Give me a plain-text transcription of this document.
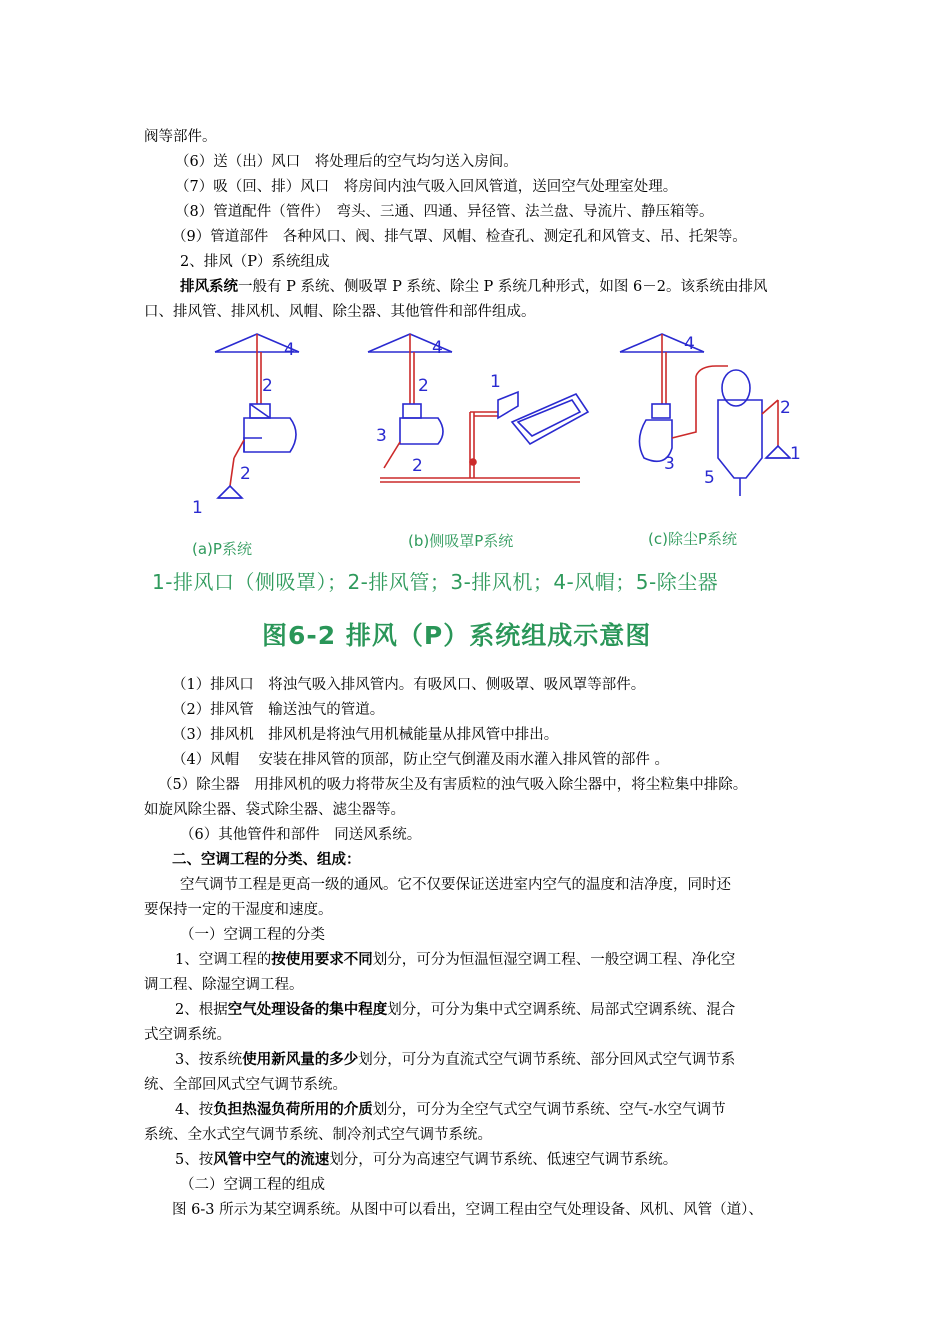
阀等部件。
（6）送（出）风口　将处理后的空气均匀送入房间。
（7）吸（回、排）风口　将房间内浊气吸入回风管道，送回空气处理室处理。
（8）管道配件（管件）　弯头、三通、四通、异径管、法兰盘、导流片、静压箱等。
（9）管道部件　各种风口、阀、排气罩、风帽、检查孔、测定孔和风管支、吊、托架等。
2、排风（P）系统组成
排风系统一般有 P 系统、侧吸罩 P 系统、除尘 P 系统几种形式，如图 6－2。该系统由排风
口、排风管、排风机、风帽、除尘器、其他管件和部件组成。
4
2
2
1
4
2
3
2
1
4
3
5
2
1
(a)P系统	(b)侧吸罩P系统	(c)除尘P系统
1-排风口（侧吸罩）；2-排风管；3-排风机；4-风帽；5-除尘器
图6-2 排风（P）系统组成示意图
（1）排风口　将浊气吸入排风管内。有吸风口、侧吸罩、吸风罩等部件。
（2）排风管　输送浊气的管道。
（3）排风机　排风机是将浊气用机械能量从排风管中排出。
（4）风帽　 安装在排风管的顶部，防止空气倒灌及雨水灌入排风管的部件 。
（5）除尘器　用排风机的吸力将带灰尘及有害质粒的浊气吸入除尘器中，将尘粒集中排除。
如旋风除尘器、袋式除尘器、滤尘器等。
（6）其他管件和部件　同送风系统。
二、空调工程的分类、组成：
空气调节工程是更高一级的通风。它不仅要保证送进室内空气的温度和洁净度，同时还
要保持一定的干湿度和速度。
（一）空调工程的分类
1、空调工程的按使用要求不同划分，可分为恒温恒湿空调工程、一般空调工程、净化空
调工程、除湿空调工程。
2、根据空气处理设备的集中程度划分，可分为集中式空调系统、局部式空调系统、混合
式空调系统。
3、按系统使用新风量的多少划分，可分为直流式空气调节系统、部分回风式空气调节系
统、全部回风式空气调节系统。
4、按负担热湿负荷所用的介质划分，可分为全空气式空气调节系统、空气-水空气调节
系统、全水式空气调节系统、制冷剂式空气调节系统。
5、按风管中空气的流速划分，可分为高速空气调节系统、低速空气调节系统。
（二）空调工程的组成
图 6-3 所示为某空调系统。从图中可以看出，空调工程由空气处理设备、风机、风管（道）、
